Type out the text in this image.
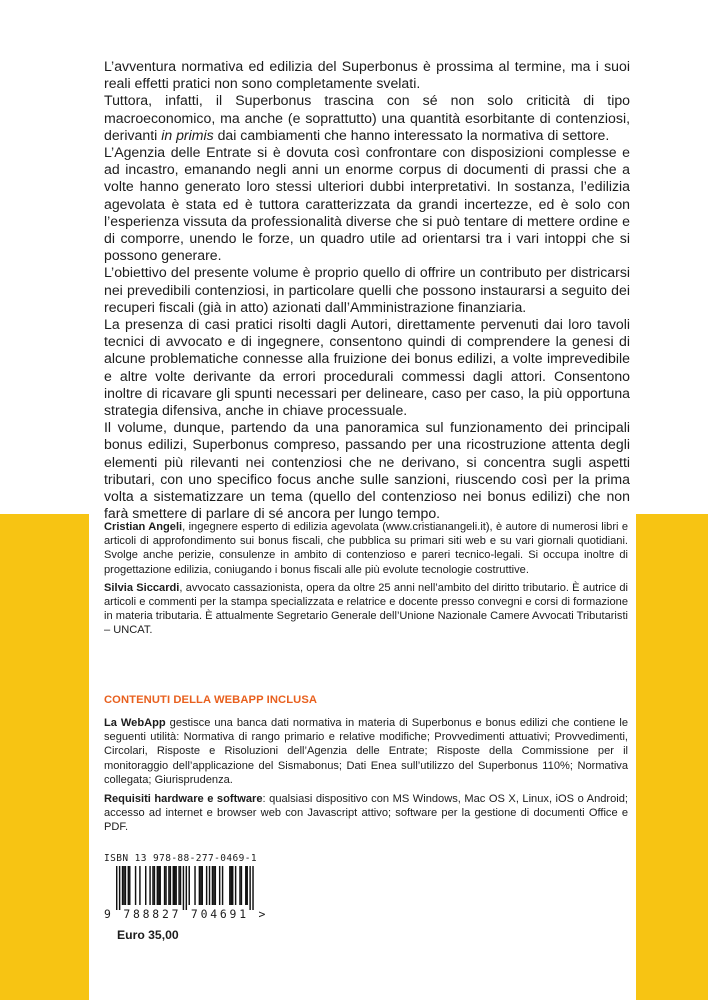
L’avventura normativa ed edilizia del Superbonus è prossima al termine, ma i suoi reali effetti pratici non sono completamente svelati.

Tuttora, infatti, il Superbonus trascina con sé non solo criticità di tipo macroeconomico, ma anche (e soprattutto) una quantità esorbitante di contenziosi, derivanti in primis dai cambiamenti che hanno interessato la normativa di settore.

L’Agenzia delle Entrate si è dovuta così confrontare con disposizioni complesse e ad incastro, emanando negli anni un enorme corpus di documenti di prassi che a volte hanno generato loro stessi ulteriori dubbi interpretativi. In sostanza, l’edilizia agevolata è stata ed è tuttora caratterizzata da grandi incertezze, ed è solo con l’esperienza vissuta da professionalità diverse che si può tentare di mettere ordine e di comporre, unendo le forze, un quadro utile ad orientarsi tra i vari intoppi che si possono generare.

L’obiettivo del presente volume è proprio quello di offrire un contributo per districarsi nei prevedibili contenziosi, in particolare quelli che possono instaurarsi a seguito dei recuperi fiscali (già in atto) azionati dall’Amministrazione finanziaria.

La presenza di casi pratici risolti dagli Autori, direttamente pervenuti dai loro tavoli tecnici di avvocato e di ingegnere, consentono quindi di comprendere la genesi di alcune problematiche connesse alla fruizione dei bonus edilizi, a volte imprevedibile e altre volte derivante da errori procedurali commessi dagli attori. Consentono inoltre di ricavare gli spunti necessari per delineare, caso per caso, la più opportuna strategia difensiva, anche in chiave processuale.

Il volume, dunque, partendo da una panoramica sul funzionamento dei principali bonus edilizi, Superbonus compreso, passando per una ricostruzione attenta degli elementi più rilevanti nei contenziosi che ne derivano, si concentra sugli aspetti tributari, con uno specifico focus anche sulle sanzioni, riuscendo così per la prima volta a sistematizzare un tema (quello del contenzioso nei bonus edilizi) che non farà smettere di parlare di sé ancora per lungo tempo.

Cristian Angeli, ingegnere esperto di edilizia agevolata (www.cristianangeli.it), è autore di numerosi libri e articoli di approfondimento sui bonus fiscali, che pubblica su primari siti web e su vari giornali quotidiani. Svolge anche perizie, consulenze in ambito di contenzioso e pareri tecnico-legali. Si occupa inoltre di progettazione edilizia, coniugando i bonus fiscali alle più evolute tecnologie costruttive.

Silvia Siccardi, avvocato cassazionista, opera da oltre 25 anni nell’ambito del diritto tributario. È autrice di articoli e commenti per la stampa specializzata e relatrice e docente presso convegni e corsi di formazione in materia tributaria. È attualmente Segretario Generale dell’Unione Nazionale Camere Avvocati Tributaristi – UNCAT.

CONTENUTI DELLA WEBAPP INCLUSA

La WebApp gestisce una banca dati normativa in materia di Superbonus e bonus edilizi che contiene le seguenti utilità: Normativa di rango primario e relative modifiche; Provvedimenti attuativi; Provvedimenti, Circolari, Risposte e Risoluzioni dell’Agenzia delle Entrate; Risposte della Commissione per il monitoraggio dell’applicazione del Sismabonus; Dati Enea sull’utilizzo del Superbonus 110%; Normativa collegata; Giurisprudenza.

Requisiti hardware e software: qualsiasi dispositivo con MS Windows, Mac OS X, Linux, iOS o Android; accesso ad internet e browser web con Javascript attivo; software per la gestione di documenti Office e PDF.

ISBN 13 978-88-277-0469-1
9 788827 704691 >
Euro 35,00
